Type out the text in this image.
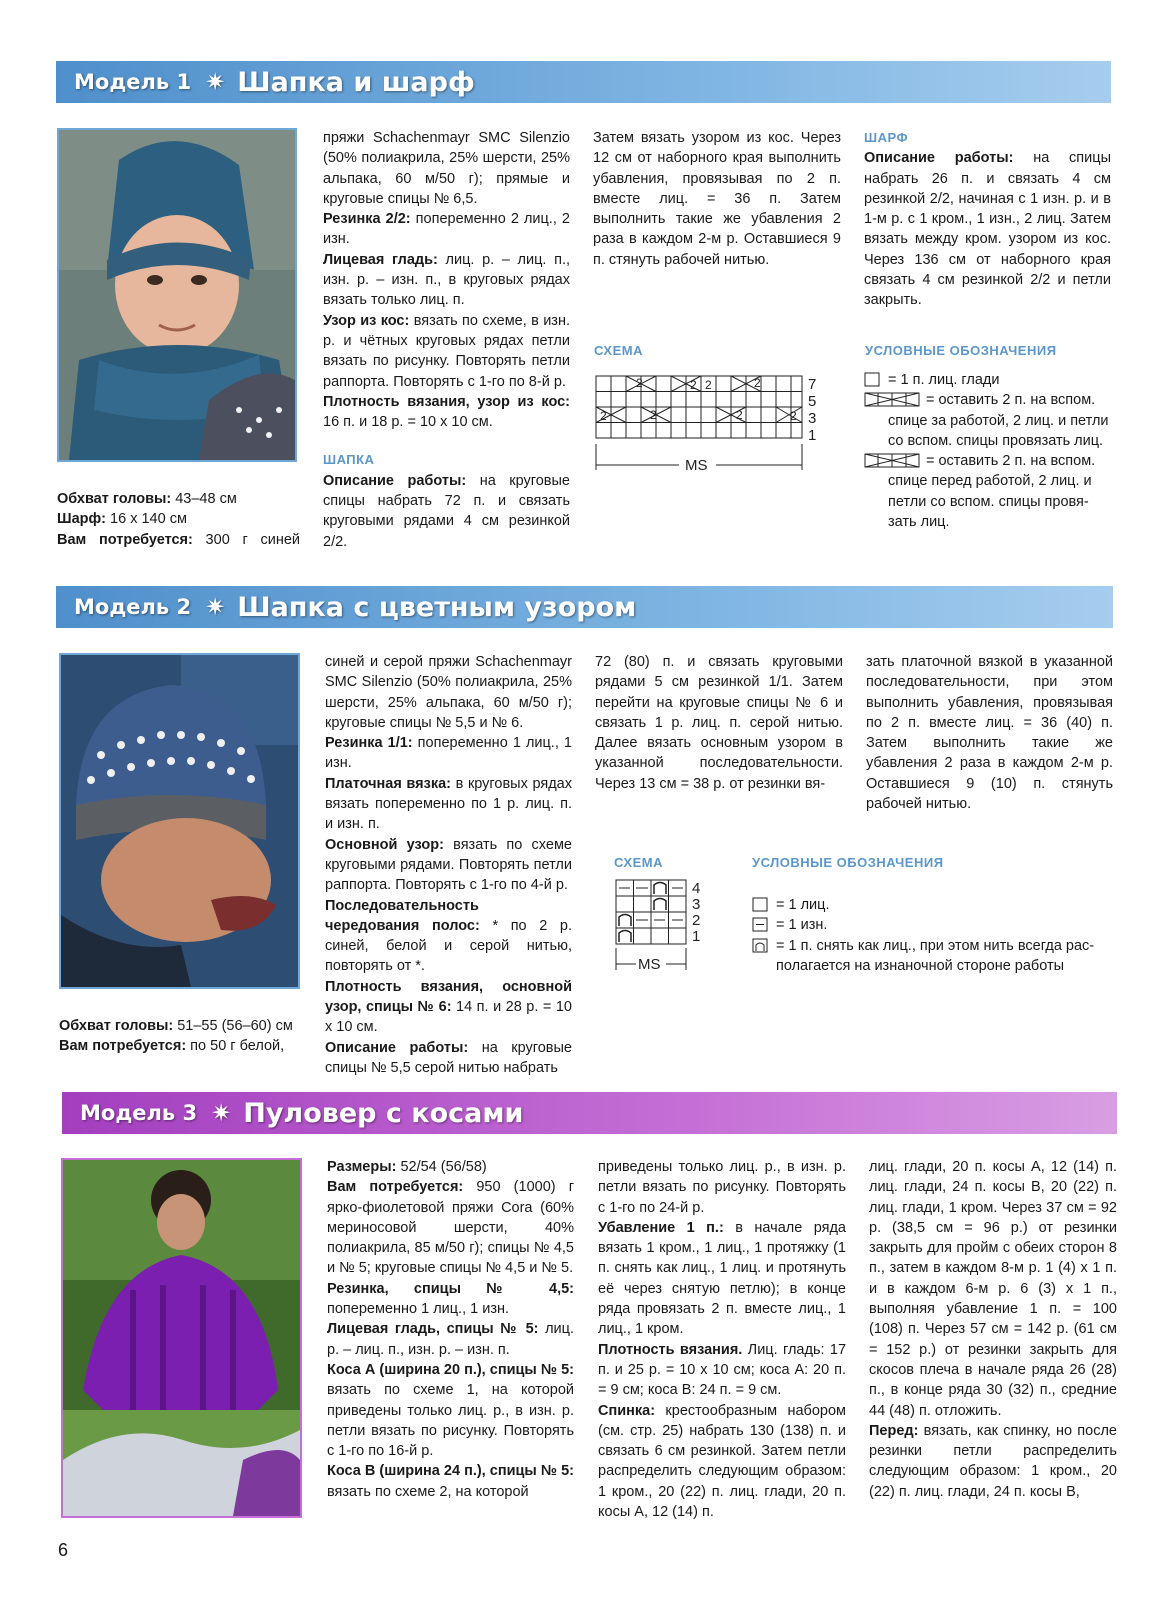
Модель 1 ✷ Шапка и шарф

Обхват головы: 43–48 см

Шарф: 16 х 140 см

Вам потребуется: 300 г синей

пряжи Schachenmayr SMC Silenzio (50% полиакрила, 25% шерсти, 25% альпака, 60 м/50 г); прямые и круговые спицы № 6,5.

Резинка 2/2: попеременно 2 лиц., 2 изн.

Лицевая гладь: лиц. р. – лиц. п., изн. р. – изн. п., в круговых рядах вязать только лиц. п.

Узор из кос: вязать по схеме, в изн. р. и чётных круговых рядах петли вязать по рисунку. Повторять петли раппорта. Повторять с 1-го по 8-й р.

Плотность вязания, узор из кос: 16 п. и 18 р. = 10 х 10 см.

ШАПКА

Описание работы: на круговые спицы набрать 72 п. и связать круговыми рядами 4 см резинкой 2/2.

Затем вязать узором из кос. Через 12 см от наборного края выполнить убавления, провязывая по 2 п. вместе лиц. = 36 п. Затем выполнить такие же убавления 2 раза в каждом 2-м р. Оставшиеся 9 п. стянуть рабочей нитью.

ШАРФ

Описание работы: на спицы набрать 26 п. и связать 4 см резинкой 2/2, начиная с 1 изн. р. и в 1-м р. с 1 кром., 1 изн., 2 лиц. Затем вязать между кром. узором из кос. Через 136 см от наборного края связать 4 см резинкой 2/2 и петли закрыть.

СХЕМА
2	2 2	2
2	2	2	2
7
5
3
1
MS
УСЛОВНЫЕ ОБОЗНАЧЕНИЯ
= 1 п. лиц. глади
= оставить 2 п. на вспом.
спице за работой, 2 лиц. и петли
со вспом. спицы провязать лиц.
= оставить 2 п. на вспом.
спице перед работой, 2 лиц. и
петли со вспом. спицы провя-
зать лиц.
Модель 2 ✷ Шапка с цветным узором

Обхват головы: 51–55 (56–60) см

Вам потребуется: по 50 г белой,

синей и серой пряжи Schachenmayr SMC Silenzio (50% полиакрила, 25% шерсти, 25% альпака, 60 м/50 г); круговые спицы № 5,5 и № 6.

Резинка 1/1: попеременно 1 лиц., 1 изн.

Платочная вязка: в круговых рядах вязать попеременно по 1 р. лиц. п. и изн. п.

Основной узор: вязать по схеме круговыми рядами. Повторять петли раппорта. Повторять с 1-го по 4-й р.

Последовательность чередования полос: * по 2 р. синей, белой и серой нитью, повторять от *.

Плотность вязания, основной узор, спицы № 6: 14 п. и 28 р. = 10 х 10 см.

Описание работы: на круговые спицы № 5,5 серой нитью набрать

72 (80) п. и связать круговыми рядами 5 см резинкой 1/1. Затем перейти на круговые спицы № 6 и связать 1 р. лиц. п. серой нитью. Далее вязать основным узором в указанной последовательности. Через 13 см = 38 р. от резинки вя-

зать платочной вязкой в указанной последовательности, при этом выполнить убавления, провязывая по 2 п. вместе лиц. = 36 (40) п. Затем выполнить такие же убавления 2 раза в каждом 2-м р. Оставшиеся 9 (10) п. стянуть рабочей нитью.

СХЕМА
4
3
2
1
MS
УСЛОВНЫЕ ОБОЗНАЧЕНИЯ
= 1 лиц.
= 1 изн.
= 1 п. снять как лиц., при этом нить всегда рас-
полагается на изнаночной стороне работы
Модель 3 ✷ Пуловер с косами

Размеры: 52/54 (56/58)

Вам потребуется: 950 (1000) г ярко-фиолетовой пряжи Cora (60% мериносовой шерсти, 40% полиакрила, 85 м/50 г); спицы № 4,5 и № 5; круговые спицы № 4,5 и № 5.

Резинка, спицы № 4,5: попеременно 1 лиц., 1 изн.

Лицевая гладь, спицы № 5: лиц. р. – лиц. п., изн. р. – изн. п.

Коса А (ширина 20 п.), спицы № 5: вязать по схеме 1, на которой приведены только лиц. р., в изн. р. петли вязать по рисунку. Повторять с 1-го по 16-й р.

Коса В (ширина 24 п.), спицы № 5: вязать по схеме 2, на которой

приведены только лиц. р., в изн. р. петли вязать по рисунку. Повторять с 1-го по 24-й р.

Убавление 1 п.: в начале ряда вязать 1 кром., 1 лиц., 1 протяжку (1 п. снять как лиц., 1 лиц. и протянуть её через снятую петлю); в конце ряда провязать 2 п. вместе лиц., 1 лиц., 1 кром.

Плотность вязания. Лиц. гладь: 17 п. и 25 р. = 10 х 10 см; коса А: 20 п. = 9 см; коса В: 24 п. = 9 см.

Спинка: крестообразным набором (см. стр. 25) набрать 130 (138) п. и связать 6 см резинкой. Затем петли распределить следующим образом: 1 кром., 20 (22) п. лиц. глади, 20 п. косы А, 12 (14) п.

лиц. глади, 20 п. косы А, 12 (14) п. лиц. глади, 24 п. косы В, 20 (22) п. лиц. глади, 1 кром. Через 37 см = 92 р. (38,5 см = 96 р.) от резинки закрыть для пройм с обеих сторон 8 п., затем в каждом 8-м р. 1 (4) х 1 п. и в каждом 6-м р. 6 (3) х 1 п., выполняя убавление 1 п. = 100 (108) п. Через 57 см = 142 р. (61 см = 152 р.) от резинки закрыть для скосов плеча в начале ряда 26 (28) п., в конце ряда 30 (32) п., средние 44 (48) п. отложить.

Перед: вязать, как спинку, но после резинки петли распределить следующим образом: 1 кром., 20 (22) п. лиц. глади, 24 п. косы В,

6
